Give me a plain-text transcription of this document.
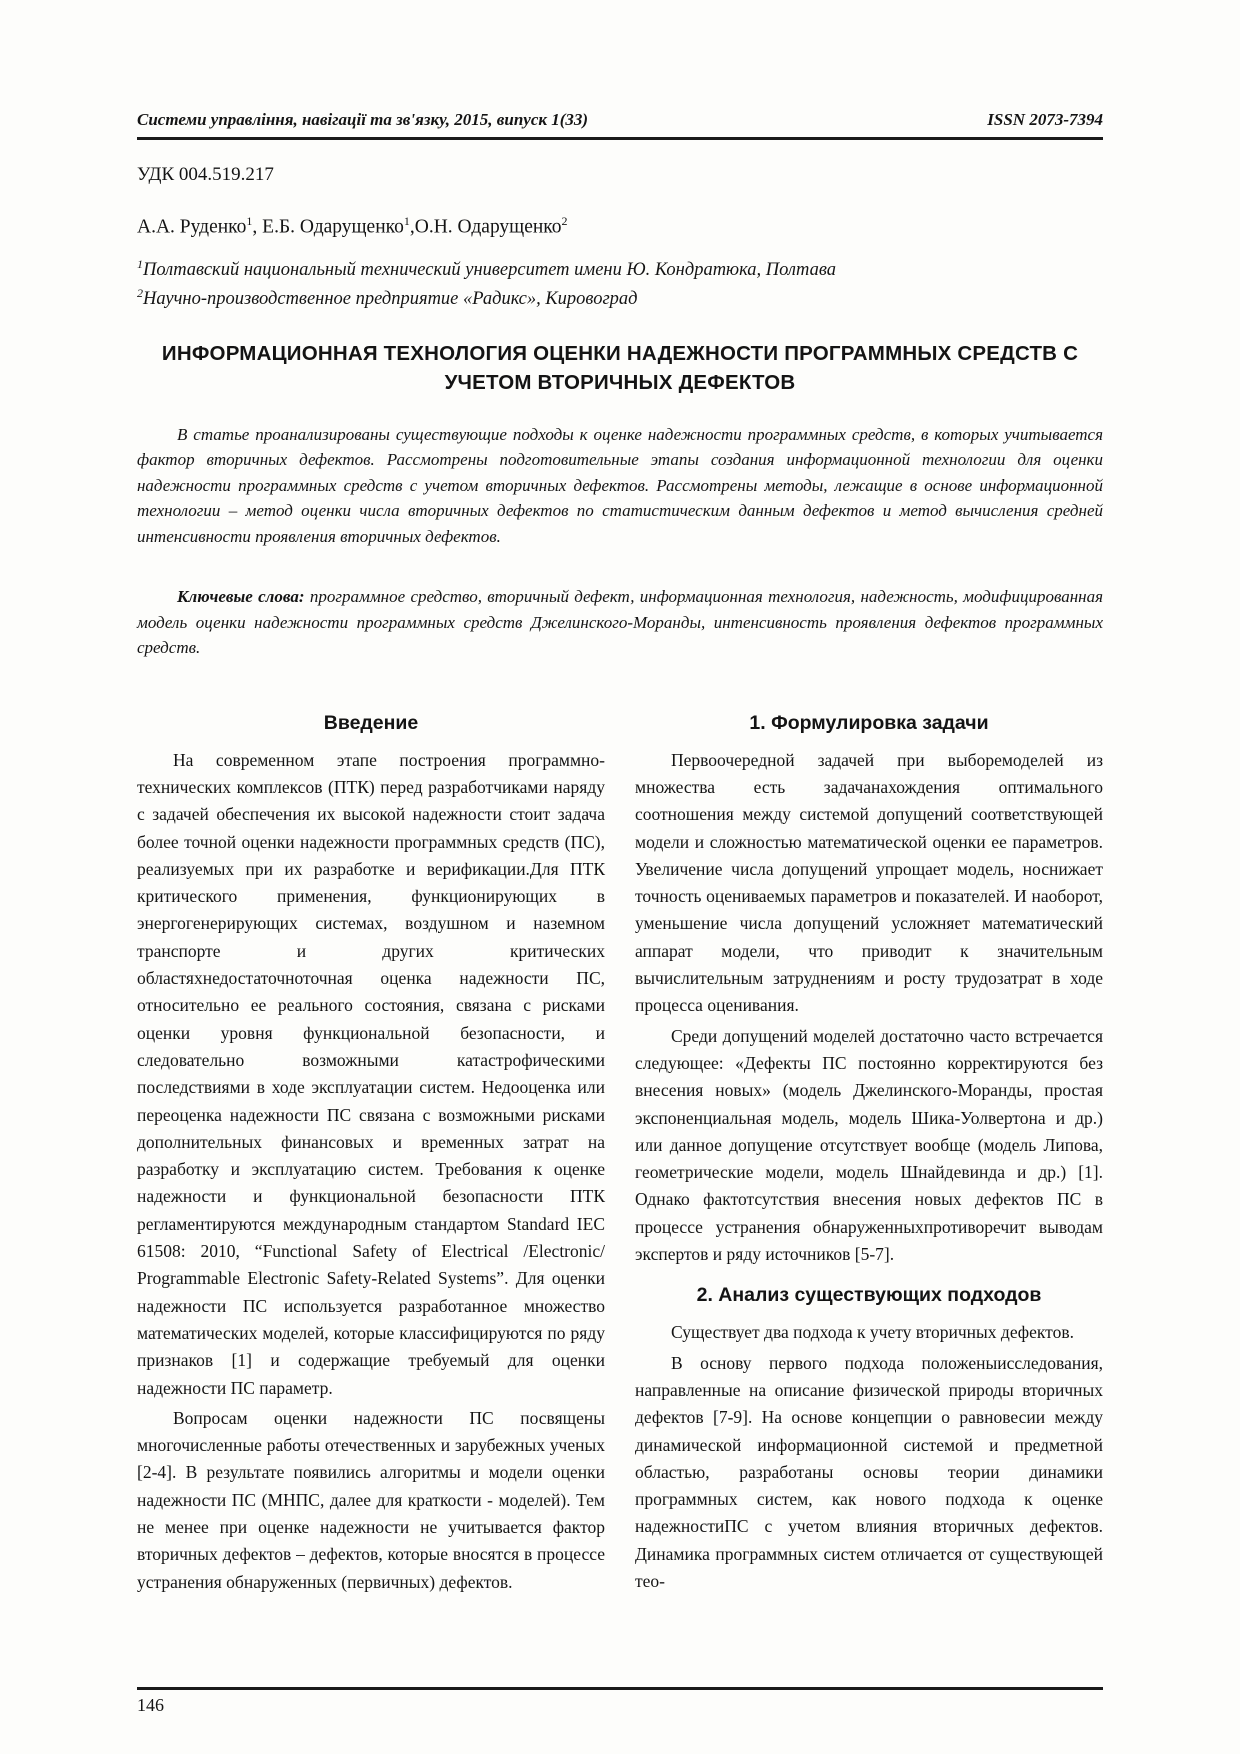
Системи управління, навігації та зв'язку, 2015, випуск 1(33)	ISSN 2073-7394
УДК 004.519.217
А.А. Руденко$^1$, Е.Б. Одарущенко$^1$,О.Н. Одарущенко$^2$
$^1$Полтавский национальный технический университет имени Ю. Кондратюка, Полтава
$^2$Научно-производственное предприятие «Радикс», Кировоград
ИНФОРМАЦИОННАЯ ТЕХНОЛОГИЯ ОЦЕНКИ НАДЕЖНОСТИ ПРОГРАММНЫХ СРЕДСТВ С УЧЕТОМ ВТОРИЧНЫХ ДЕФЕКТОВ

В статье проанализированы существующие подходы к оценке надежности программных средств, в которых учитывается фактор вторичных дефектов. Рассмотрены подготовительные этапы создания информационной технологии для оценки надежности программных средств с учетом вторичных дефектов. Рассмотрены методы, лежащие в основе информационной технологии – метод оценки числа вторичных дефектов по статистическим данным дефектов и метод вычисления средней интенсивности проявления вторичных дефектов.

Ключевые слова: программное средство, вторичный дефект, информационная технология, надежность, модифицированная модель оценки надежности программных средств Джелинского-Моранды, интенсивность проявления дефектов программных средств.

Введение

На современном этапе построения программно-технических комплексов (ПТК) перед разработчиками наряду с задачей обеспечения их высокой надежности стоит задача более точной оценки надежности программных средств (ПС), реализуемых при их разработке и верификации.Для ПТК критического применения, функционирующих в энергогенерирующих системах, воздушном и наземном транспорте и других критических областяхнедостаточноточная оценка надежности ПС, относительно ее реального состояния, связана с рисками оценки уровня функциональной безопасности, и следовательно возможными катастрофическими последствиями в ходе эксплуатации систем. Недооценка или переоценка надежности ПС связана с возможными рисками дополнительных финансовых и временных затрат на разработку и эксплуатацию систем. Требования к оценке надежности и функциональной безопасности ПТК регламентируются международным стандартом Standard IEC 61508: 2010, “Functional Safety of Electrical /Electronic/ Programmable Electronic Safety-Related Systems”. Для оценки надежности ПС используется разработанное множество математических моделей, которые классифицируются по ряду признаков [1] и содержащие требуемый для оценки надежности ПС параметр.

Вопросам оценки надежности ПС посвящены многочисленные работы отечественных и зарубежных ученых [2-4]. В результате появились алгоритмы и модели оценки надежности ПС (МНПС, далее для краткости - моделей). Тем не менее при оценке надежности не учитывается фактор вторичных дефектов – дефектов, которые вносятся в процессе устранения обнаруженных (первичных) дефектов.

1. Формулировка задачи

Первоочередной задачей при выборемоделей из множества есть задачанахождения оптимального соотношения между системой допущений соответствующей модели и сложностью математической оценки ее параметров. Увеличение числа допущений упрощает модель, носнижает точность оцениваемых параметров и показателей. И наоборот, уменьшение числа допущений усложняет математический аппарат модели, что приводит к значительным вычислительным затруднениям и росту трудозатрат в ходе процесса оценивания.

Среди допущений моделей достаточно часто встречается следующее: «Дефекты ПС постоянно корректируются без внесения новых» (модель Джелинского-Моранды, простая экспоненциальная модель, модель Шика-Уолвертона и др.) или данное допущение отсутствует вообще (модель Липова, геометрические модели, модель Шнайдевинда и др.) [1]. Однако фактотсутствия внесения новых дефектов ПС в процессе устранения обнаруженныхпротиворечит выводам экспертов и ряду источников [5-7].

2. Анализ существующих подходов

Существует два подхода к учету вторичных дефектов.

В основу первого подхода положеныисследования, направленные на описание физической природы вторичных дефектов [7-9]. На основе концепции о равновесии между динамической информационной системой и предметной областью, разработаны основы теории динамики программных систем, как нового подхода к оценке надежностиПС с учетом влияния вторичных дефектов. Динамика программных систем отличается от существующей тео-

146
